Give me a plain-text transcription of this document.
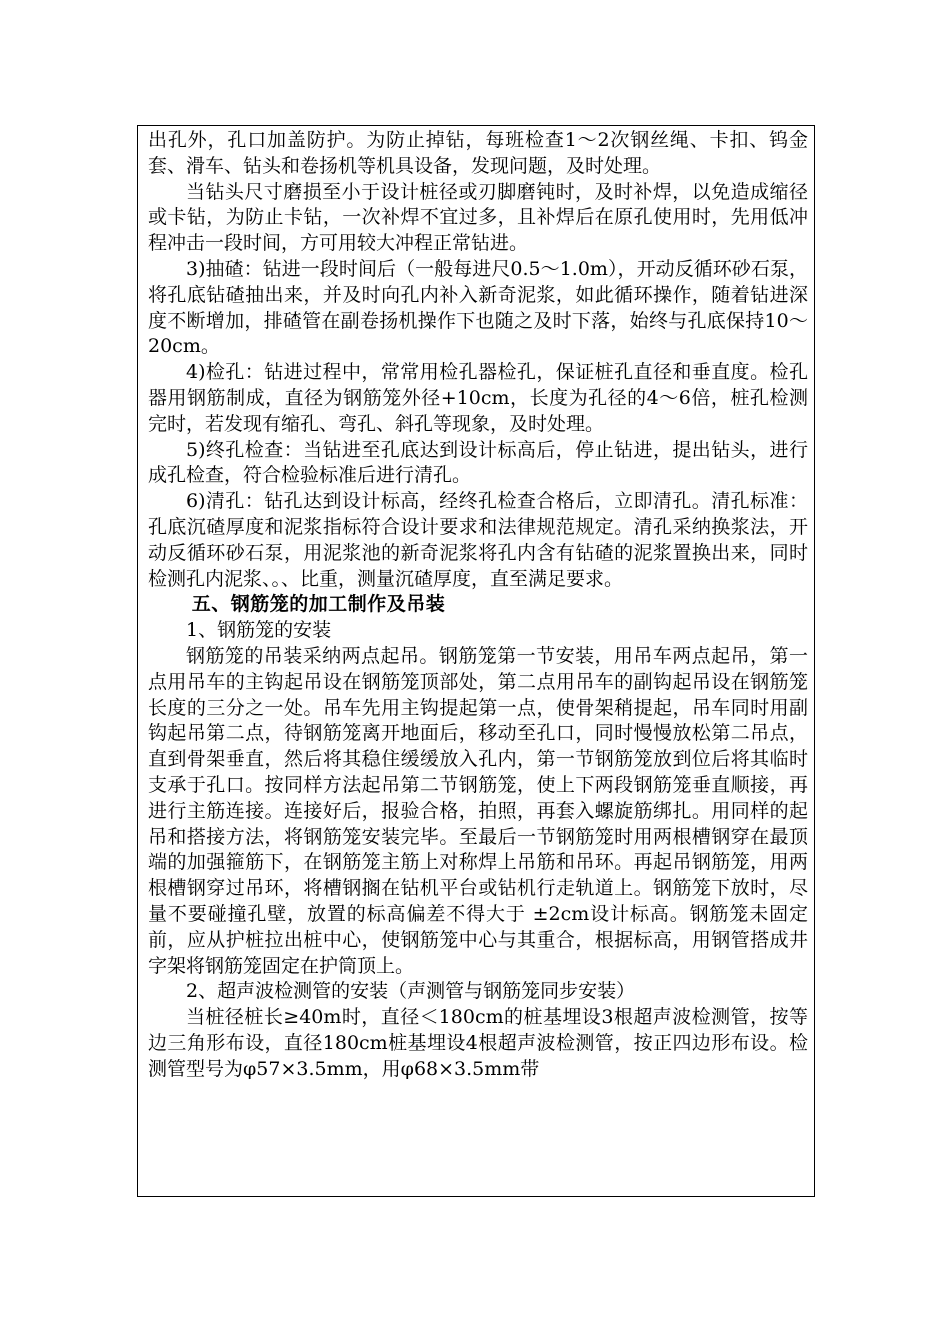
出孔外，孔口加盖防护。为防止掉钻，每班检查1～2次钢丝绳、卡扣、钨金套、滑车、钻头和卷扬机等机具设备，发现问题，及时处理。

当钻头尺寸磨损至小于设计桩径或刃脚磨钝时，及时补焊，以免造成缩径或卡钻，为防止卡钻，一次补焊不宜过多，且补焊后在原孔使用时，先用低冲程冲击一段时间，方可用较大冲程正常钻进。

3)抽碴：钻进一段时间后（一般每进尺0.5～1.0m），开动反循环砂石泵，将孔底钻碴抽出来，并及时向孔内补入新奇泥浆，如此循环操作，随着钻进深度不断增加，排碴管在副卷扬机操作下也随之及时下落，始终与孔底保持10～20cm。

4)检孔：钻进过程中，常常用检孔器检孔，保证桩孔直径和垂直度。检孔器用钢筋制成，直径为钢筋笼外径+10cm，长度为孔径的4～6倍，桩孔检测完时，若发现有缩孔、弯孔、斜孔等现象，及时处理。

5)终孔检查：当钻进至孔底达到设计标高后，停止钻进，提出钻头，进行成孔检查，符合检验标准后进行清孔。

6)清孔：钻孔达到设计标高，经终孔检查合格后，立即清孔。清孔标准：孔底沉碴厚度和泥浆指标符合设计要求和法律规范规定。清孔采纳换浆法，开动反循环砂石泵，用泥浆池的新奇泥浆将孔内含有钻碴的泥浆置换出来，同时检测孔内泥浆、。、比重，测量沉碴厚度，直至满足要求。

五、钢筋笼的加工制作及吊装

1、钢筋笼的安装

钢筋笼的吊装采纳两点起吊。钢筋笼第一节安装，用吊车两点起吊，第一点用吊车的主钩起吊设在钢筋笼顶部处，第二点用吊车的副钩起吊设在钢筋笼长度的三分之一处。吊车先用主钩提起第一点，使骨架稍提起，吊车同时用副钩起吊第二点，待钢筋笼离开地面后，移动至孔口，同时慢慢放松第二吊点，直到骨架垂直，然后将其稳住缓缓放入孔内，第一节钢筋笼放到位后将其临时支承于孔口。按同样方法起吊第二节钢筋笼，使上下两段钢筋笼垂直顺接，再进行主筋连接。连接好后，报验合格，拍照，再套入螺旋筋绑扎。用同样的起吊和搭接方法，将钢筋笼安装完毕。至最后一节钢筋笼时用两根槽钢穿在最顶端的加强箍筋下，在钢筋笼主筋上对称焊上吊筋和吊环。再起吊钢筋笼，用两根槽钢穿过吊环，将槽钢搁在钻机平台或钻机行走轨道上。钢筋笼下放时，尽量不要碰撞孔壁，放置的标高偏差不得大于 ±2cm设计标高。钢筋笼未固定前，应从护桩拉出桩中心，使钢筋笼中心与其重合，根据标高，用钢管搭成井字架将钢筋笼固定在护筒顶上。

2、超声波检测管的安装（声测管与钢筋笼同步安装）

当桩径桩长≥40m时，直径＜180cm的桩基埋设3根超声波检测管，按等边三角形布设，直径180cm桩基埋设4根超声波检测管，按正四边形布设。检测管型号为φ57×3.5mm，用φ68×3.5mm带
